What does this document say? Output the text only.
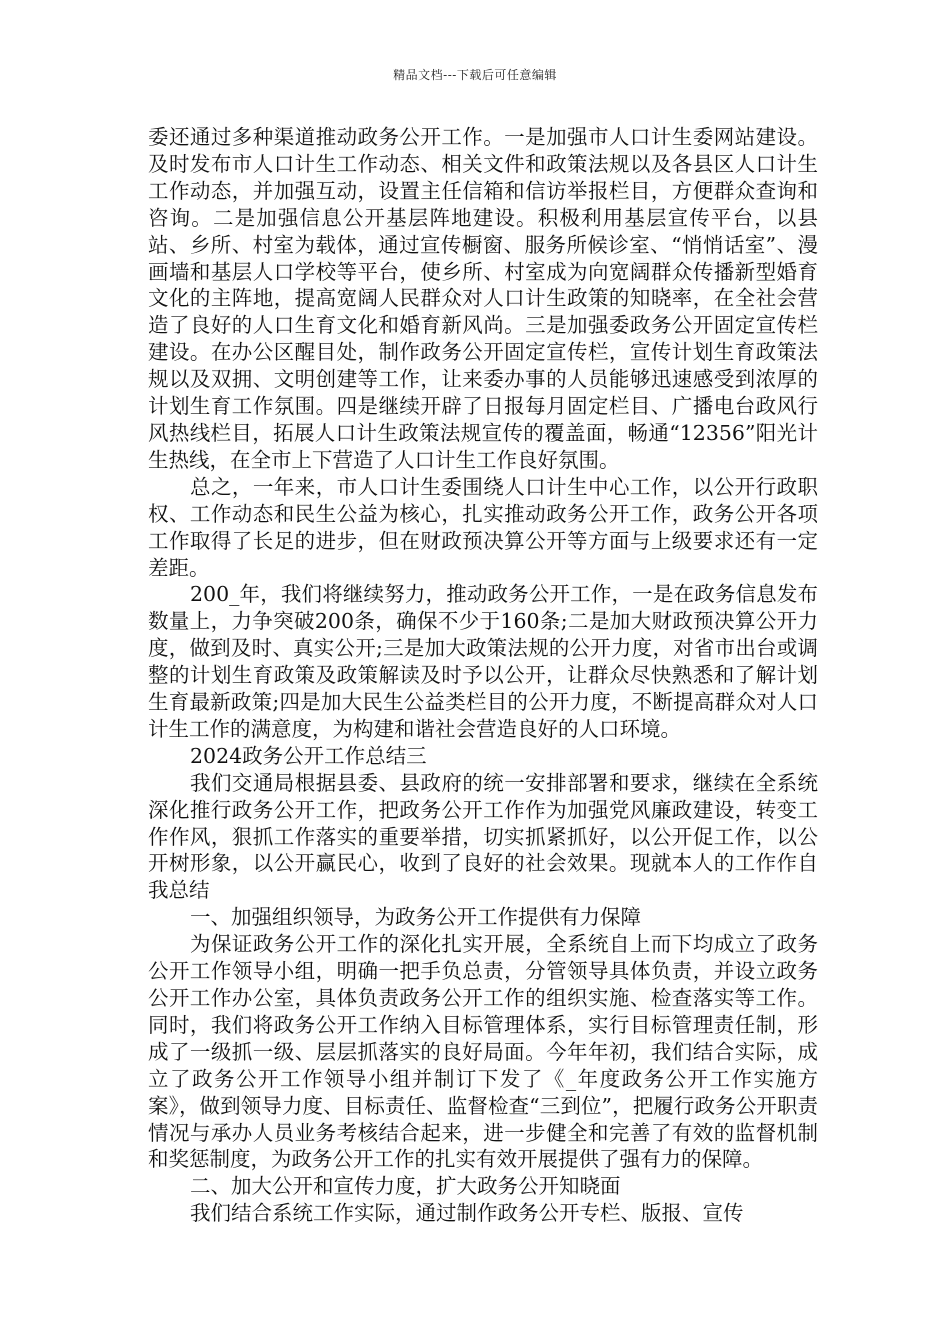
精品文档---下载后可任意编辑

委还通过多种渠道推动政务公开工作。一是加强市人口计生委网站建设。及时发布市人口计生工作动态、相关文件和政策法规以及各县区人口计生工作动态，并加强互动，设置主任信箱和信访举报栏目，方便群众查询和咨询。二是加强信息公开基层阵地建设。积极利用基层宣传平台，以县站、乡所、村室为载体，通过宣传橱窗、服务所候诊室、“悄悄话室”、漫画墙和基层人口学校等平台，使乡所、村室成为向宽阔群众传播新型婚育文化的主阵地，提高宽阔人民群众对人口计生政策的知晓率，在全社会营造了良好的人口生育文化和婚育新风尚。三是加强委政务公开固定宣传栏建设。在办公区醒目处，制作政务公开固定宣传栏，宣传计划生育政策法规以及双拥、文明创建等工作，让来委办事的人员能够迅速感受到浓厚的计划生育工作氛围。四是继续开辟了日报每月固定栏目、广播电台政风行风热线栏目，拓展人口计生政策法规宣传的覆盖面，畅通“12356”阳光计生热线，在全市上下营造了人口计生工作良好氛围。

总之，一年来，市人口计生委围绕人口计生中心工作，以公开行政职权、工作动态和民生公益为核心，扎实推动政务公开工作，政务公开各项工作取得了长足的进步，但在财政预决算公开等方面与上级要求还有一定差距。

200_年，我们将继续努力，推动政务公开工作，一是在政务信息发布数量上，力争突破200条，确保不少于160条;二是加大财政预决算公开力度，做到及时、真实公开;三是加大政策法规的公开力度，对省市出台或调整的计划生育政策及政策解读及时予以公开，让群众尽快熟悉和了解计划生育最新政策;四是加大民生公益类栏目的公开力度，不断提高群众对人口计生工作的满意度，为构建和谐社会营造良好的人口环境。

2024政务公开工作总结三

我们交通局根据县委、县政府的统一安排部署和要求，继续在全系统深化推行政务公开工作，把政务公开工作作为加强党风廉政建设，转变工作作风，狠抓工作落实的重要举措，切实抓紧抓好，以公开促工作，以公开树形象，以公开赢民心，收到了良好的社会效果。现就本人的工作作自我总结

一、加强组织领导，为政务公开工作提供有力保障

为保证政务公开工作的深化扎实开展，全系统自上而下均成立了政务公开工作领导小组，明确一把手负总责，分管领导具体负责，并设立政务公开工作办公室，具体负责政务公开工作的组织实施、检查落实等工作。同时，我们将政务公开工作纳入目标管理体系，实行目标管理责任制，形成了一级抓一级、层层抓落实的良好局面。今年年初，我们结合实际，成立了政务公开工作领导小组并制订下发了《_年度政务公开工作实施方案》，做到领导力度、目标责任、监督检查“三到位”，把履行政务公开职责情况与承办人员业务考核结合起来，进一步健全和完善了有效的监督机制和奖惩制度，为政务公开工作的扎实有效开展提供了强有力的保障。

二、加大公开和宣传力度，扩大政务公开知晓面

我们结合系统工作实际，通过制作政务公开专栏、版报、宣传
